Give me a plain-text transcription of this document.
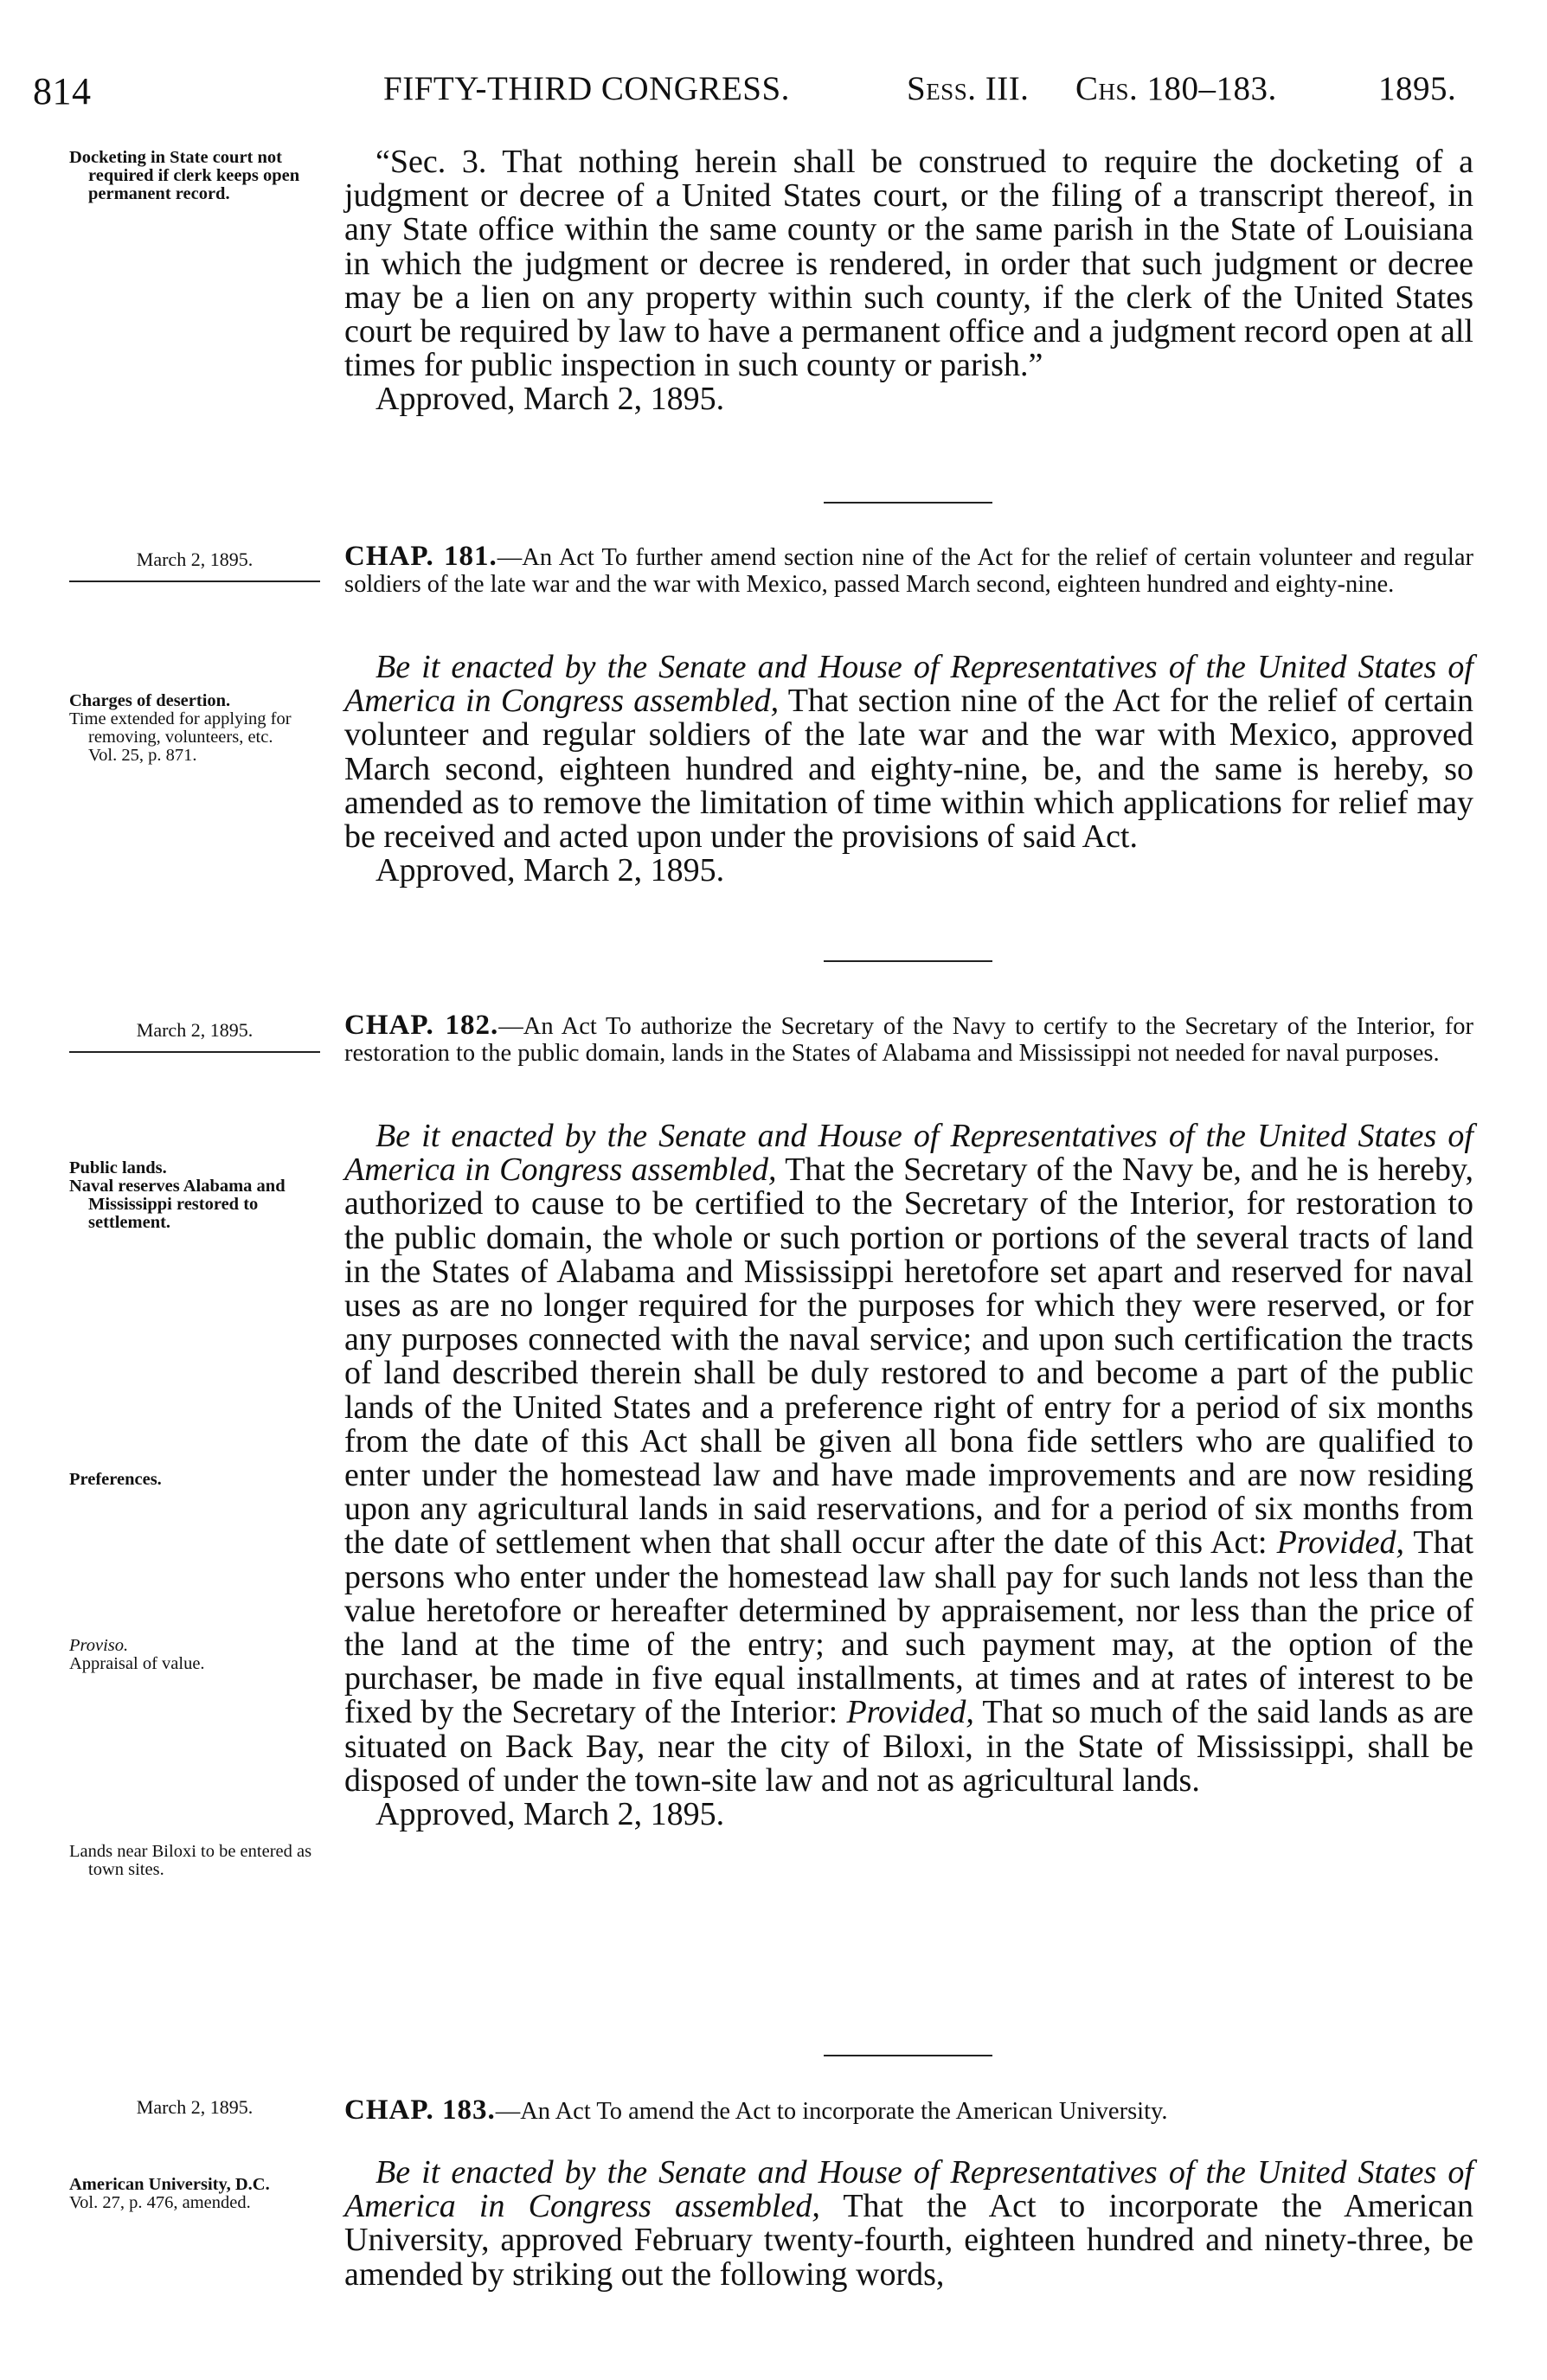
814	FIFTY-THIRD CONGRESS.	Sess. III. Chs. 180–183.	1895.
Docketing in State court not required if clerk keeps open permanent record.

“Sec. 3. That nothing herein shall be construed to require the docketing of a judgment or decree of a United States court, or the filing of a transcript thereof, in any State office within the same county or the same parish in the State of Louisiana in which the judgment or decree is rendered, in order that such judgment or decree may be a lien on any property within such county, if the clerk of the United States court be required by law to have a permanent office and a judgment record open at all times for public inspection in such county or parish.”

Approved, March 2, 1895.

March 2, 1895.	CHAP. 181.—An Act To further amend section nine of the Act for the relief of certain volunteer and regular soldiers of the late war and the war with Mexico, passed March second, eighteen hundred and eighty-nine.
Charges of desertion.
Time extended for applying for removing, volunteers, etc.
Vol. 25, p. 871.

Be it enacted by the Senate and House of Representatives of the United States of America in Congress assembled, That section nine of the Act for the relief of certain volunteer and regular soldiers of the late war and the war with Mexico, approved March second, eighteen hundred and eighty-nine, be, and the same is hereby, so amended as to remove the limitation of time within which applications for relief may be received and acted upon under the provisions of said Act.

Approved, March 2, 1895.

March 2, 1895.	CHAP. 182.—An Act To authorize the Secretary of the Navy to certify to the Secretary of the Interior, for restoration to the public domain, lands in the States of Alabama and Mississippi not needed for naval purposes.
Public lands.
Naval reserves Alabama and Mississippi restored to settlement.
Preferences.
Proviso.
Appraisal of value.
Lands near Biloxi to be entered as town sites.

Be it enacted by the Senate and House of Representatives of the United States of America in Congress assembled, That the Secretary of the Navy be, and he is hereby, authorized to cause to be certified to the Secretary of the Interior, for restoration to the public domain, the whole or such portion or portions of the several tracts of land in the States of Alabama and Mississippi heretofore set apart and reserved for naval uses as are no longer required for the purposes for which they were reserved, or for any purposes connected with the naval service; and upon such certification the tracts of land described therein shall be duly restored to and become a part of the public lands of the United States and a preference right of entry for a period of six months from the date of this Act shall be given all bona fide settlers who are qualified to enter under the homestead law and have made improvements and are now residing upon any agricultural lands in said reservations, and for a period of six months from the date of settlement when that shall occur after the date of this Act: Provided, That persons who enter under the homestead law shall pay for such lands not less than the value heretofore or hereafter determined by appraisement, nor less than the price of the land at the time of the entry; and such payment may, at the option of the purchaser, be made in five equal installments, at times and at rates of interest to be fixed by the Secretary of the Interior: Provided, That so much of the said lands as are situated on Back Bay, near the city of Biloxi, in the State of Mississippi, shall be disposed of under the town-site law and not as agricultural lands.

Approved, March 2, 1895.

March 2, 1895.	CHAP. 183.—An Act To amend the Act to incorporate the American University.
American University, D.C.
Vol. 27, p. 476, amended.

Be it enacted by the Senate and House of Representatives of the United States of America in Congress assembled, That the Act to incorporate the American University, approved February twenty-fourth, eighteen hundred and ninety-three, be amended by striking out the following words,
